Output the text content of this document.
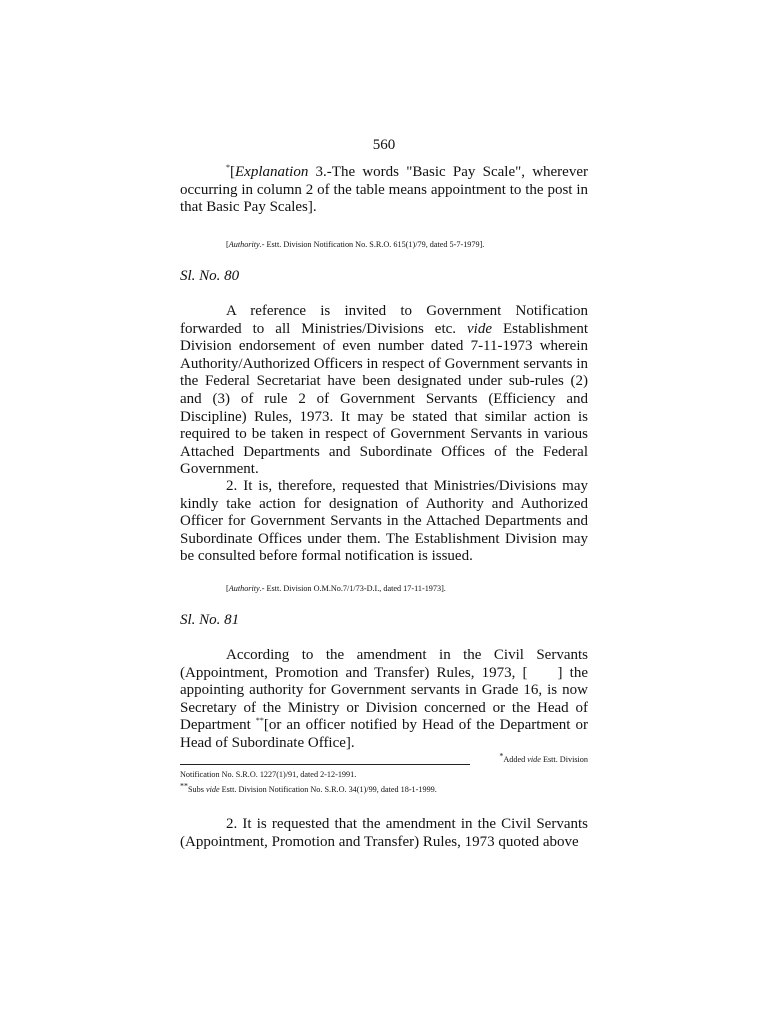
560

*[Explanation 3.-The words "Basic Pay Scale", wherever occurring in column 2 of the table means appointment to the post in that Basic Pay Scales].

[Authority.- Estt. Division Notification No. S.R.O. 615(1)/79, dated 5-7-1979].
Sl. No. 80

A reference is invited to Government Notification forwarded to all Ministries/Divisions etc. vide Establishment Division endorsement of even number dated 7-11-1973 wherein Authority/Authorized Officers in respect of Government servants in the Federal Secretariat have been designated under sub-rules (2) and (3) of rule 2 of Government Servants (Efficiency and Discipline) Rules, 1973. It may be stated that similar action is required to be taken in respect of Government Servants in various Attached Departments and Subordinate Offices of the Federal Government.

2. It is, therefore, requested that Ministries/Divisions may kindly take action for designation of Authority and Authorized Officer for Government Servants in the Attached Departments and Subordinate Offices under them. The Establishment Division may be consulted before formal notification is issued.

[Authority.- Estt. Division O.M.No.7/1/73-D.I., dated 17-11-1973].
Sl. No. 81

According to the amendment in the Civil Servants (Appointment, Promotion and Transfer) Rules, 1973, [ ] the appointing authority for Government servants in Grade 16, is now Secretary of the Ministry or Division concerned or the Head of Department **[or an officer notified by Head of the Department or Head of Subordinate Office].

*Added vide Estt. Division
Notification No. S.R.O. 1227(1)/91, dated 2-12-1991.
**Subs vide Estt. Division Notification No. S.R.O. 34(1)/99, dated 18-1-1999.

2. It is requested that the amendment in the Civil Servants (Appointment, Promotion and Transfer) Rules, 1973 quoted above
